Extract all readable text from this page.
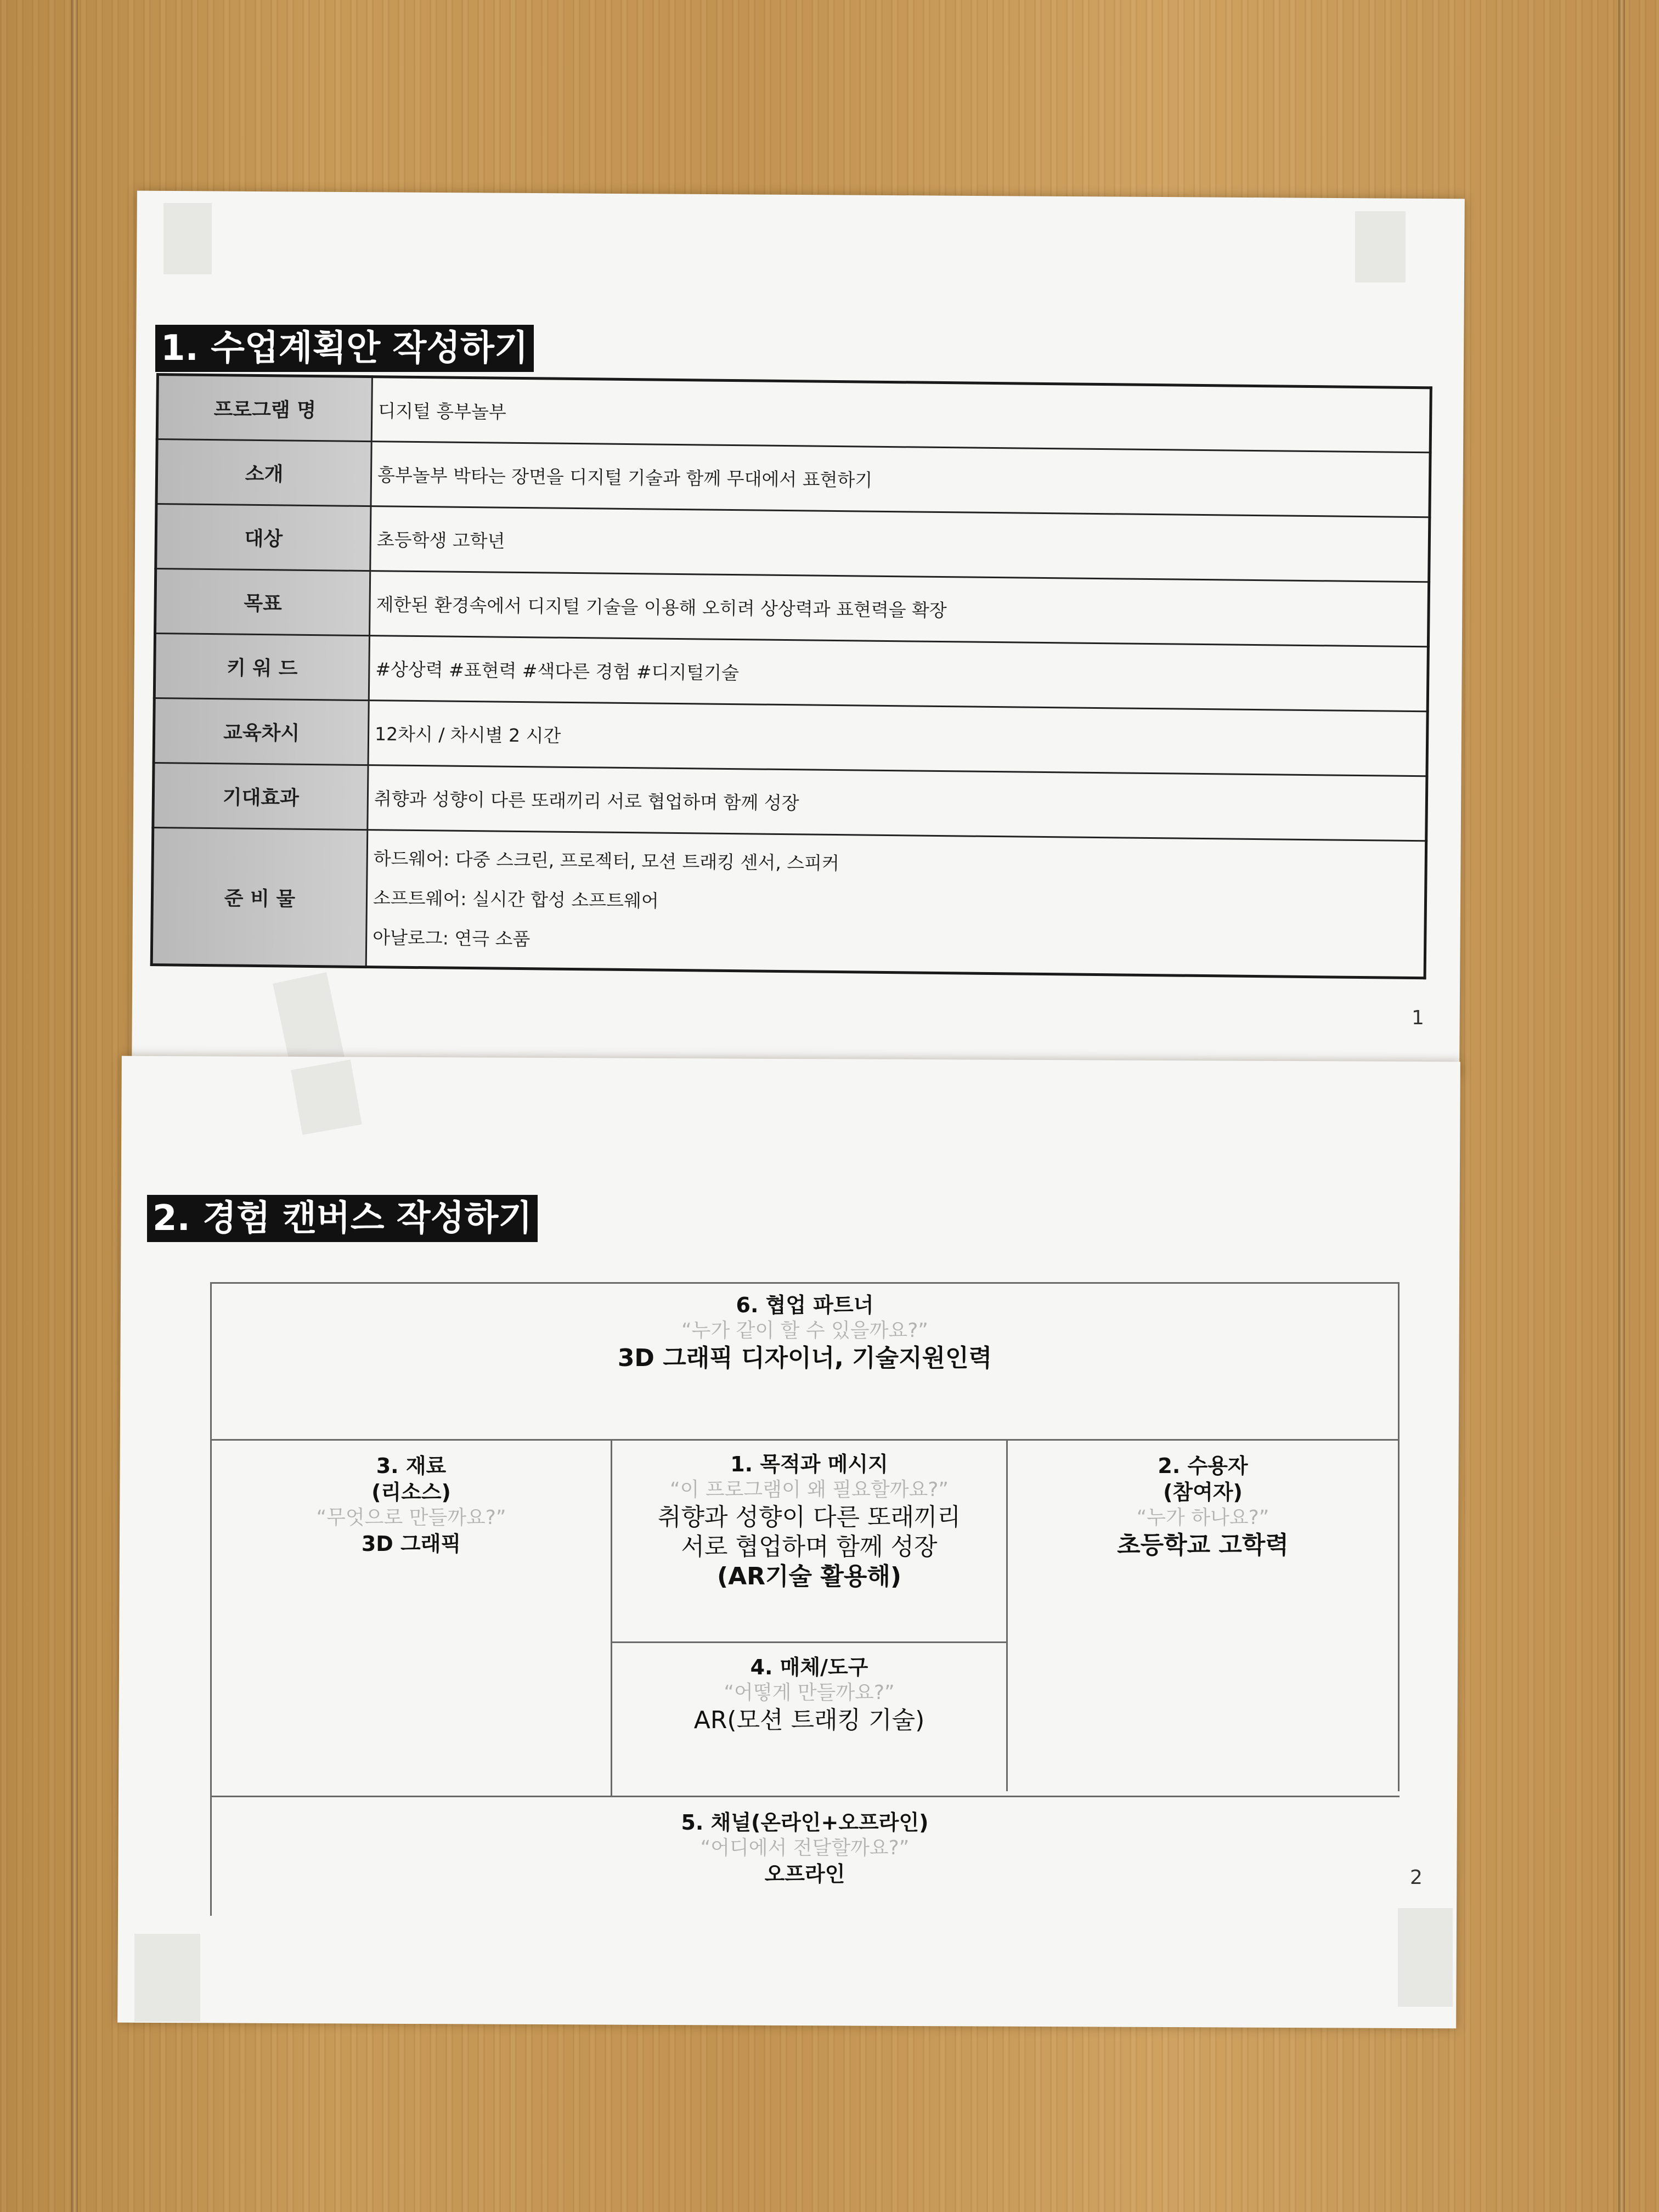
1. 수업계획안 작성하기
프로그램 명	디지털 흥부놀부
소개	흥부놀부 박타는 장면을 디지털 기술과 함께 무대에서 표현하기
대상	초등학생 고학년
목표	제한된 환경속에서 디지털 기술을 이용해 오히려 상상력과 표현력을 확장
키 워 드	#상상력 #표현력 #색다른 경험 #디지털기술
교육차시	12차시 / 차시별 2 시간
기대효과	취향과 성향이 다른 또래끼리 서로 협업하며 함께 성장
준 비 물	하드웨어: 다중 스크린, 프로젝터, 모션 트래킹 센서, 스피커
소프트웨어: 실시간 합성 소프트웨어
아날로그: 연극 소품
1
2. 경험 캔버스 작성하기
6. 협업 파트너
“누가 같이 할 수 있을까요?”
3D 그래픽 디자이너, 기술지원인력
3. 재료
(리소스)
“무엇으로 만들까요?”
3D 그래픽
1. 목적과 메시지
“이 프로그램이 왜 필요할까요?”
취향과 성향이 다른 또래끼리
서로 협업하며 함께 성장
(AR기술 활용해)
2. 수용자
(참여자)
“누가 하나요?”
초등학교 고학력
4. 매체/도구
“어떻게 만들까요?”
AR(모션 트래킹 기술)
5. 채널(온라인+오프라인)
“어디에서 전달할까요?”
오프라인	2
